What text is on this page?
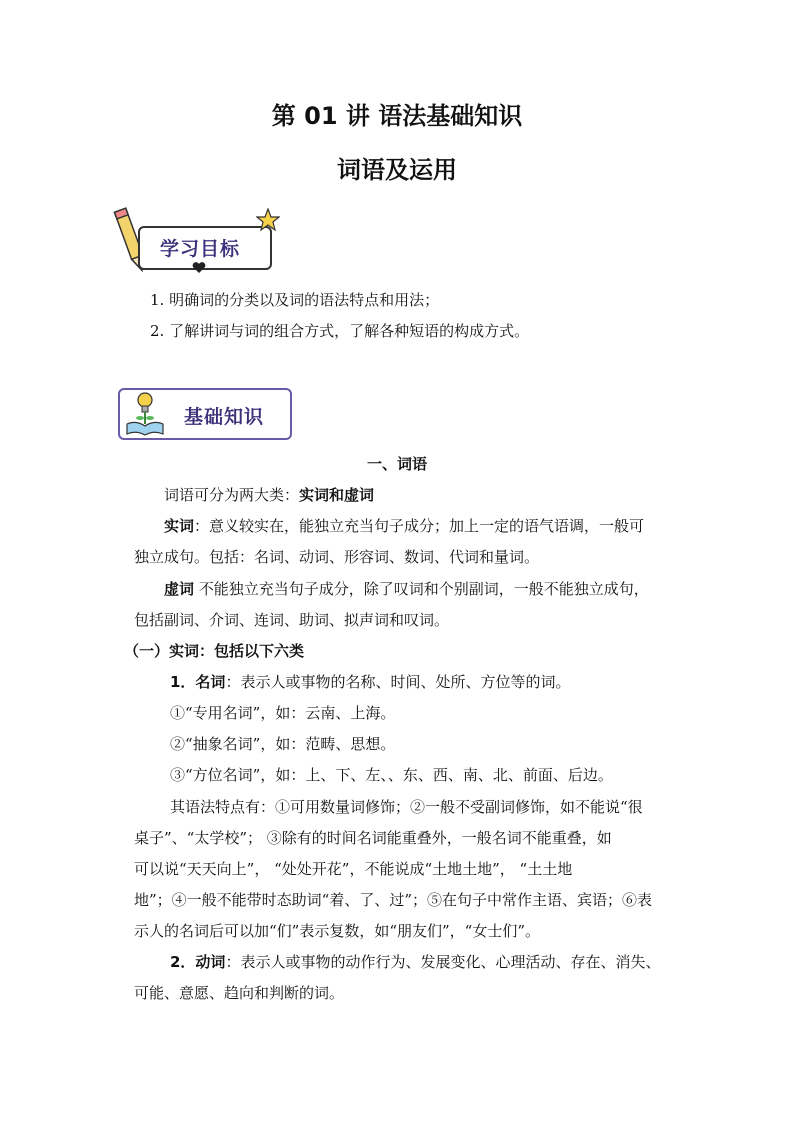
第 01 讲 语法基础知识
词语及运用
学习目标
1. 明确词的分类以及词的语法特点和用法；
2. 了解讲词与词的组合方式，了解各种短语的构成方式。
基础知识
一、词语
词语可分为两大类：实词和虚词
实词：意义较实在，能独立充当句子成分；加上一定的语气语调，一般可
独立成句。包括：名词、动词、形容词、数词、代词和量词。
虚词 不能独立充当句子成分，除了叹词和个别副词，一般不能独立成句，
包括副词、介词、连词、助词、拟声词和叹词。
（一）实词：包括以下六类
1．名词：表示人或事物的名称、时间、处所、方位等的词。
①“专用名词”，如：云南、上海。
②“抽象名词”，如：范畴、思想。
③“方位名词”，如：上、下、左、、东、西、南、北、前面、后边。
其语法特点有：①可用数量词修饰；②一般不受副词修饰，如不能说“很
桌子”、“太学校”； ③除有的时间名词能重叠外，一般名词不能重叠，如
可以说“天天向上”， “处处开花”，不能说成“土地土地”， “土土地
地”；④一般不能带时态助词“着、了、过”；⑤在句子中常作主语、宾语；⑥表
示人的名词后可以加“们”表示复数，如“朋友们”，“女士们”。
2．动词：表示人或事物的动作行为、发展变化、心理活动、存在、消失、
可能、意愿、趋向和判断的词。
